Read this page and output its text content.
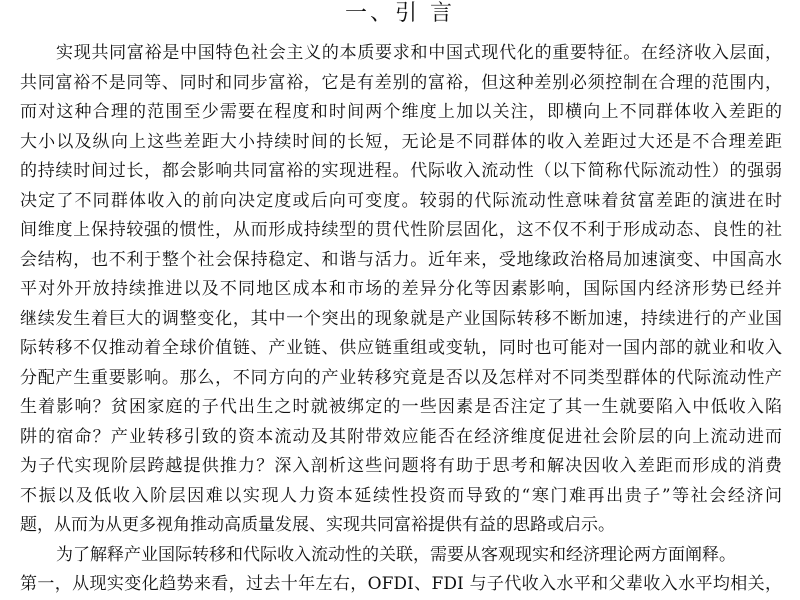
一、引 言
实现共同富裕是中国特色社会主义的本质要求和中国式现代化的重要特征。在经济收入层面，
共同富裕不是同等、同时和同步富裕，它是有差别的富裕，但这种差别必须控制在合理的范围内，
而对这种合理的范围至少需要在程度和时间两个维度上加以关注，即横向上不同群体收入差距的
大小以及纵向上这些差距大小持续时间的长短，无论是不同群体的收入差距过大还是不合理差距
的持续时间过长，都会影响共同富裕的实现进程。代际收入流动性（以下简称代际流动性）的强弱
决定了不同群体收入的前向决定度或后向可变度。较弱的代际流动性意味着贫富差距的演进在时
间维度上保持较强的惯性，从而形成持续型的贯代性阶层固化，这不仅不利于形成动态、良性的社
会结构，也不利于整个社会保持稳定、和谐与活力。近年来，受地缘政治格局加速演变、中国高水
平对外开放持续推进以及不同地区成本和市场的差异分化等因素影响，国际国内经济形势已经并
继续发生着巨大的调整变化，其中一个突出的现象就是产业国际转移不断加速，持续进行的产业国
际转移不仅推动着全球价值链、产业链、供应链重组或变轨，同时也可能对一国内部的就业和收入
分配产生重要影响。那么，不同方向的产业转移究竟是否以及怎样对不同类型群体的代际流动性产
生着影响？贫困家庭的子代出生之时就被绑定的一些因素是否注定了其一生就要陷入中低收入陷
阱的宿命？产业转移引致的资本流动及其附带效应能否在经济维度促进社会阶层的向上流动进而
为子代实现阶层跨越提供推力？深入剖析这些问题将有助于思考和解决因收入差距而形成的消费
不振以及低收入阶层因难以实现人力资本延续性投资而导致的“寒门难再出贵子”等社会经济问
题，从而为从更多视角推动高质量发展、实现共同富裕提供有益的思路或启示。
为了解释产业国际转移和代际收入流动性的关联，需要从客观现实和经济理论两方面阐释。
第一，从现实变化趋势来看，过去十年左右，OFDI、FDI 与子代收入水平和父辈收入水平均相关，
